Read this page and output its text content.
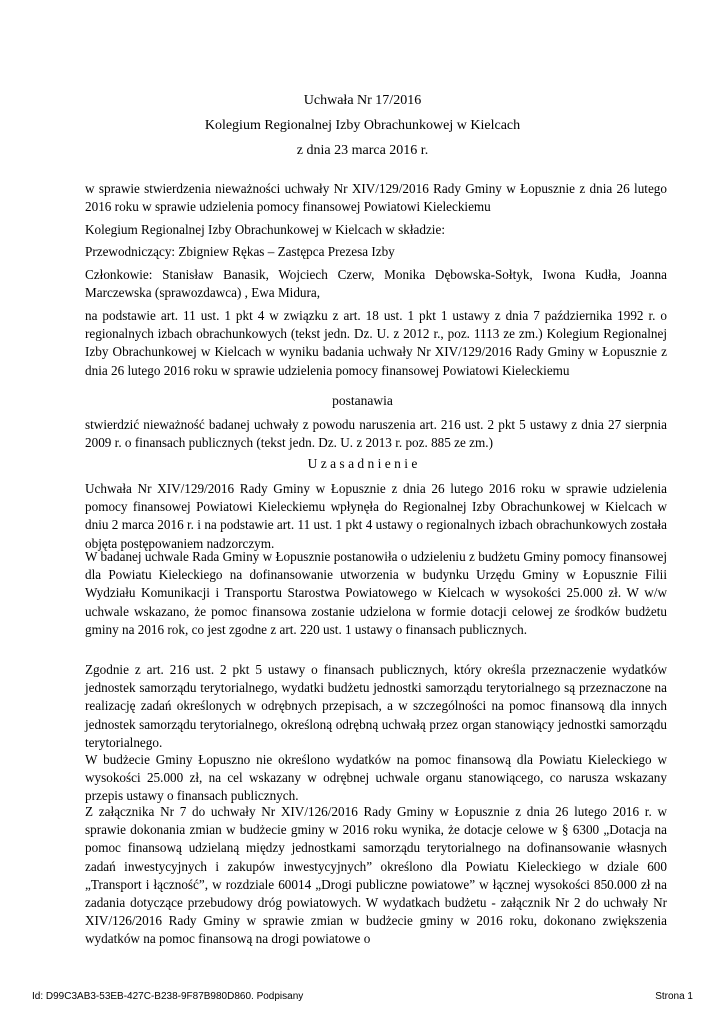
Uchwała Nr 17/2016
Kolegium Regionalnej Izby Obrachunkowej w Kielcach
z dnia 23 marca 2016 r.

w sprawie stwierdzenia nieważności uchwały Nr XIV/129/2016 Rady Gminy w Łopusznie z dnia 26 lutego 2016 roku w sprawie udzielenia pomocy finansowej Powiatowi Kieleckiemu

Kolegium Regionalnej Izby Obrachunkowej w Kielcach w składzie:

Przewodniczący: Zbigniew Rękas – Zastępca Prezesa Izby

Członkowie: Stanisław Banasik, Wojciech Czerw, Monika Dębowska-Sołtyk, Iwona Kudła, Joanna Marczewska (sprawozdawca) , Ewa Midura,

na podstawie art. 11 ust. 1 pkt 4 w związku z art. 18 ust. 1 pkt 1 ustawy z dnia 7 października 1992 r. o regionalnych izbach obrachunkowych (tekst jedn. Dz. U. z 2012 r., poz. 1113 ze zm.) Kolegium Regionalnej Izby Obrachunkowej w Kielcach w wyniku badania uchwały Nr XIV/129/2016 Rady Gminy w Łopusznie z dnia 26 lutego 2016 roku w sprawie udzielenia pomocy finansowej Powiatowi Kieleckiemu

postanawia

stwierdzić nieważność badanej uchwały z powodu naruszenia art. 216 ust. 2 pkt 5 ustawy z dnia 27 sierpnia 2009 r. o finansach publicznych (tekst jedn. Dz. U. z 2013 r. poz. 885 ze zm.)

U z a s a d n i e n i e

Uchwała Nr XIV/129/2016 Rady Gminy w Łopusznie z dnia 26 lutego 2016 roku w sprawie udzielenia pomocy finansowej Powiatowi Kieleckiemu wpłynęła do Regionalnej Izby Obrachunkowej w Kielcach w dniu 2 marca 2016 r. i na podstawie art. 11 ust. 1 pkt 4 ustawy o regionalnych izbach obrachunkowych została objęta postępowaniem nadzorczym.

W badanej uchwale Rada Gminy w Łopusznie postanowiła o udzieleniu z budżetu Gminy pomocy finansowej dla Powiatu Kieleckiego na dofinansowanie utworzenia w budynku Urzędu Gminy w Łopusznie Filii Wydziału Komunikacji i Transportu Starostwa Powiatowego w Kielcach w wysokości 25.000 zł. W w/w uchwale wskazano, że pomoc finansowa zostanie udzielona w formie dotacji celowej ze środków budżetu gminy na 2016 rok, co jest zgodne z art. 220 ust. 1 ustawy o finansach publicznych.

Zgodnie z art. 216 ust. 2 pkt 5 ustawy o finansach publicznych, który określa przeznaczenie wydatków jednostek samorządu terytorialnego, wydatki budżetu jednostki samorządu terytorialnego są przeznaczone na realizację zadań określonych w odrębnych przepisach, a w szczególności na pomoc finansową dla innych jednostek samorządu terytorialnego, określoną odrębną uchwałą przez organ stanowiący jednostki samorządu terytorialnego.

W budżecie Gminy Łopuszno nie określono wydatków na pomoc finansową dla Powiatu Kieleckiego w wysokości 25.000 zł, na cel wskazany w odrębnej uchwale organu stanowiącego, co narusza wskazany przepis ustawy o finansach publicznych.

Z załącznika Nr 7 do uchwały Nr XIV/126/2016 Rady Gminy w Łopusznie z dnia 26 lutego 2016 r. w sprawie dokonania zmian w budżecie gminy w 2016 roku wynika, że dotacje celowe w § 6300 „Dotacja na pomoc finansową udzielaną między jednostkami samorządu terytorialnego na dofinansowanie własnych zadań inwestycyjnych i zakupów inwestycyjnych” określono dla Powiatu Kieleckiego w dziale 600 „Transport i łączność”, w rozdziale 60014 „Drogi publiczne powiatowe” w łącznej wysokości 850.000 zł na zadania dotyczące przebudowy dróg powiatowych. W wydatkach budżetu - załącznik Nr 2 do uchwały Nr XIV/126/2016 Rady Gminy w sprawie zmian w budżecie gminy w 2016 roku, dokonano zwiększenia wydatków na pomoc finansową na drogi powiatowe o

Id: D99C3AB3-53EB-427C-B238-9F87B980D860. Podpisany	Strona 1
